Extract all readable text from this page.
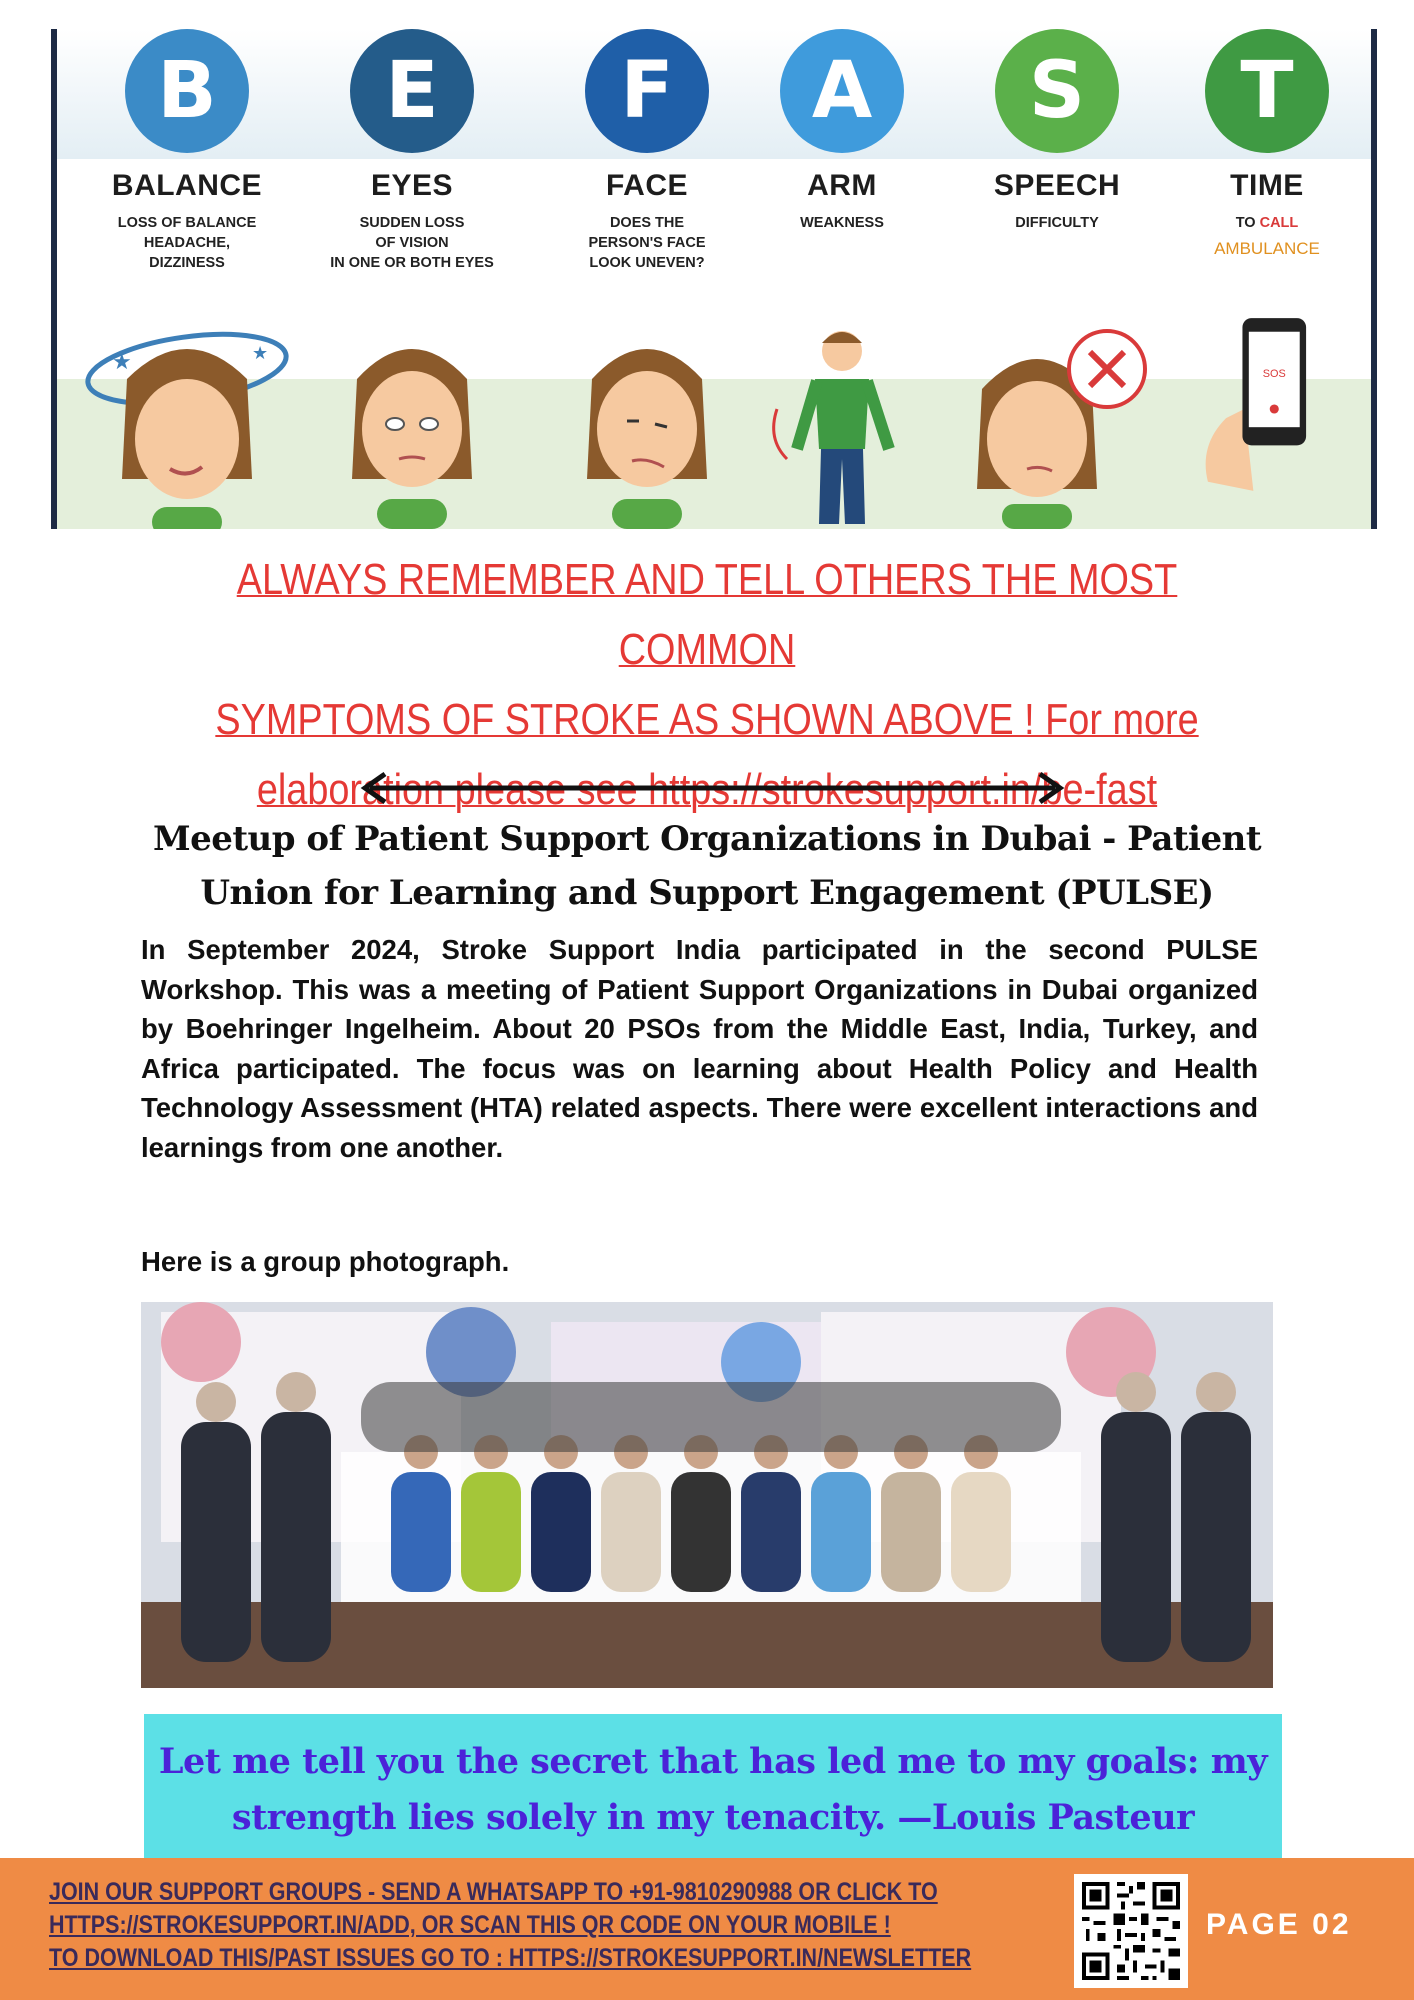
B
BALANCE
LOSS OF BALANCE
HEADACHE,
DIZZINESS
★	★
E
EYES
SUDDEN LOSS
OF VISION
IN ONE OR BOTH EYES
F
FACE
DOES THE
PERSON'S FACE
LOOK UNEVEN?
A
ARM
WEAKNESS
S
SPEECH
DIFFICULTY
T
TIME
TO CALL
AMBULANCE
SOS
ALWAYS REMEMBER AND TELL OTHERS THE MOST COMMON
SYMPTOMS OF STROKE AS SHOWN ABOVE ! For more
elaboration please see https://strokesupport.in/be-fast
Meetup of Patient Support Organizations in Dubai - Patient
Union for Learning and Support Engagement (PULSE)
In September 2024, Stroke Support India participated in the second PULSE Workshop. This was a meeting of Patient Support Organizations in Dubai organized by Boehringer Ingelheim. About 20 PSOs from the Middle East, India, Turkey, and Africa participated. The focus was on learning about Health Policy and Health Technology Assessment (HTA) related aspects. There were excellent interactions and learnings from one another.
Here is a group photograph.
Let me tell you the secret that has led me to my goals: my
strength lies solely in my tenacity. —Louis Pasteur
JOIN OUR SUPPORT GROUPS - SEND A WHATSAPP TO +91-9810290988 OR CLICK TO
HTTPS://STROKESUPPORT.IN/ADD, OR SCAN THIS QR CODE ON YOUR MOBILE !
TO DOWNLOAD THIS/PAST ISSUES GO TO : HTTPS://STROKESUPPORT.IN/NEWSLETTER
PAGE 02
